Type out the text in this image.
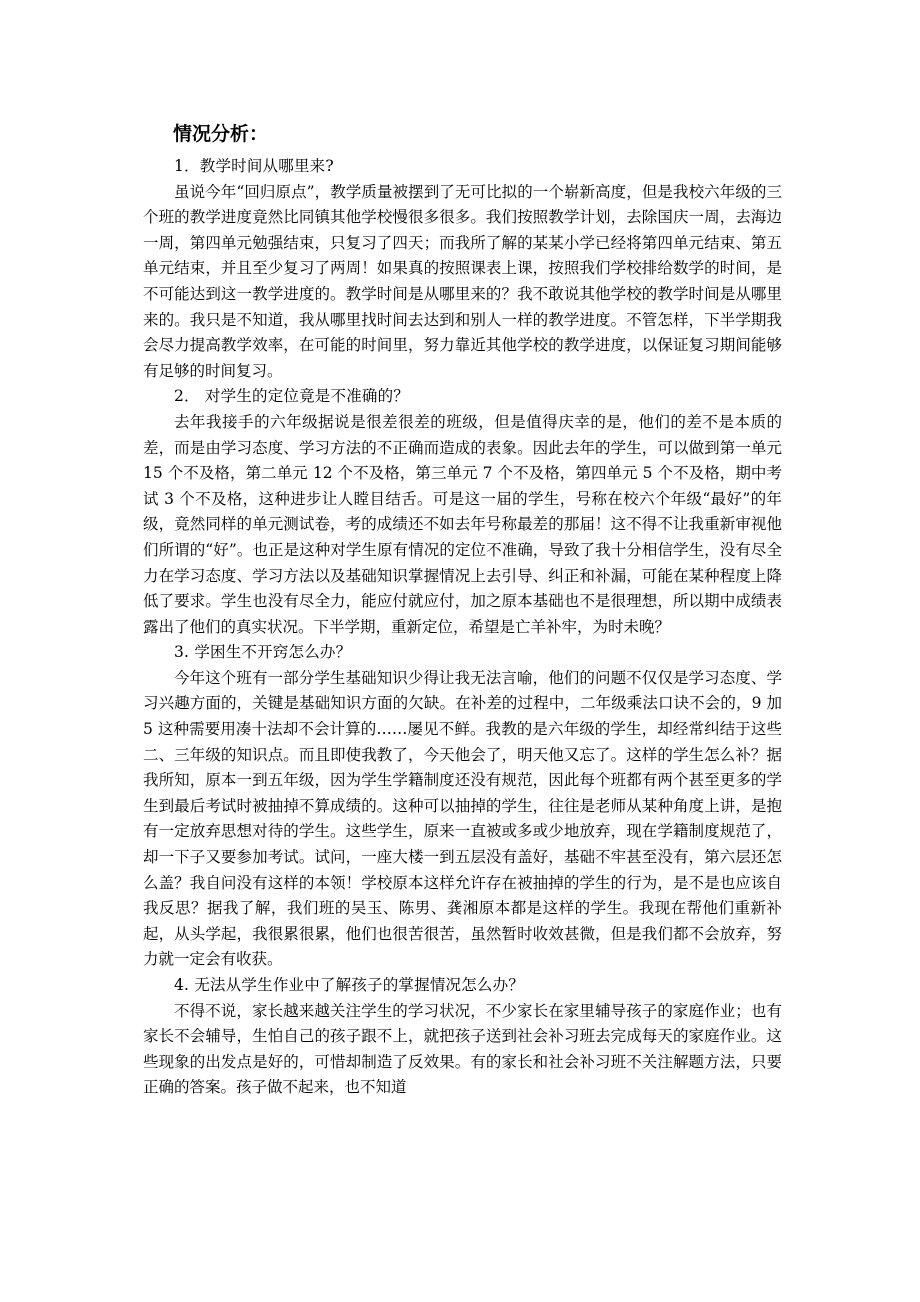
情况分析：

1．教学时间从哪里来?

虽说今年“回归原点”，教学质量被摆到了无可比拟的一个崭新高度，但是我校六年级的三个班的教学进度竟然比同镇其他学校慢很多很多。我们按照教学计划，去除国庆一周，去海边一周，第四单元勉强结束，只复习了四天；而我所了解的某某小学已经将第四单元结束、第五单元结束，并且至少复习了两周！如果真的按照课表上课，按照我们学校排给数学的时间，是不可能达到这一教学进度的。教学时间是从哪里来的？我不敢说其他学校的教学时间是从哪里来的。我只是不知道，我从哪里找时间去达到和别人一样的教学进度。不管怎样，下半学期我会尽力提高教学效率，在可能的时间里，努力靠近其他学校的教学进度，以保证复习期间能够有足够的时间复习。

2． 对学生的定位竟是不准确的？

去年我接手的六年级据说是很差很差的班级，但是值得庆幸的是，他们的差不是本质的差，而是由学习态度、学习方法的不正确而造成的表象。因此去年的学生，可以做到第一单元 15 个不及格，第二单元 12 个不及格，第三单元 7 个不及格，第四单元 5 个不及格，期中考试 3 个不及格，这种进步让人瞠目结舌。可是这一届的学生，号称在校六个年级“最好”的年级，竟然同样的单元测试卷，考的成绩还不如去年号称最差的那届！这不得不让我重新审视他们所谓的“好”。也正是这种对学生原有情况的定位不准确，导致了我十分相信学生，没有尽全力在学习态度、学习方法以及基础知识掌握情况上去引导、纠正和补漏，可能在某种程度上降低了要求。学生也没有尽全力，能应付就应付，加之原本基础也不是很理想，所以期中成绩表露出了他们的真实状况。下半学期，重新定位，希望是亡羊补牢，为时未晚？

3. 学困生不开窍怎么办？

今年这个班有一部分学生基础知识少得让我无法言喻，他们的问题不仅仅是学习态度、学习兴趣方面的，关键是基础知识方面的欠缺。在补差的过程中，二年级乘法口诀不会的，9 加 5 这种需要用凑十法却不会计算的……屡见不鲜。我教的是六年级的学生，却经常纠结于这些二、三年级的知识点。而且即使我教了，今天他会了，明天他又忘了。这样的学生怎么补？据我所知，原本一到五年级，因为学生学籍制度还没有规范，因此每个班都有两个甚至更多的学生到最后考试时被抽掉不算成绩的。这种可以抽掉的学生，往往是老师从某种角度上讲，是抱有一定放弃思想对待的学生。这些学生，原来一直被或多或少地放弃，现在学籍制度规范了，却一下子又要参加考试。试问，一座大楼一到五层没有盖好，基础不牢甚至没有，第六层还怎么盖？我自问没有这样的本领！学校原本这样允许存在被抽掉的学生的行为，是不是也应该自我反思？据我了解，我们班的吴玉、陈男、龚湘原本都是这样的学生。我现在帮他们重新补起，从头学起，我很累很累，他们也很苦很苦，虽然暂时收效甚微，但是我们都不会放弃，努力就一定会有收获。

4. 无法从学生作业中了解孩子的掌握情况怎么办？

不得不说，家长越来越关注学生的学习状况，不少家长在家里辅导孩子的家庭作业；也有家长不会辅导，生怕自己的孩子跟不上，就把孩子送到社会补习班去完成每天的家庭作业。这些现象的出发点是好的，可惜却制造了反效果。有的家长和社会补习班不关注解题方法，只要正确的答案。孩子做不起来，也不知道
